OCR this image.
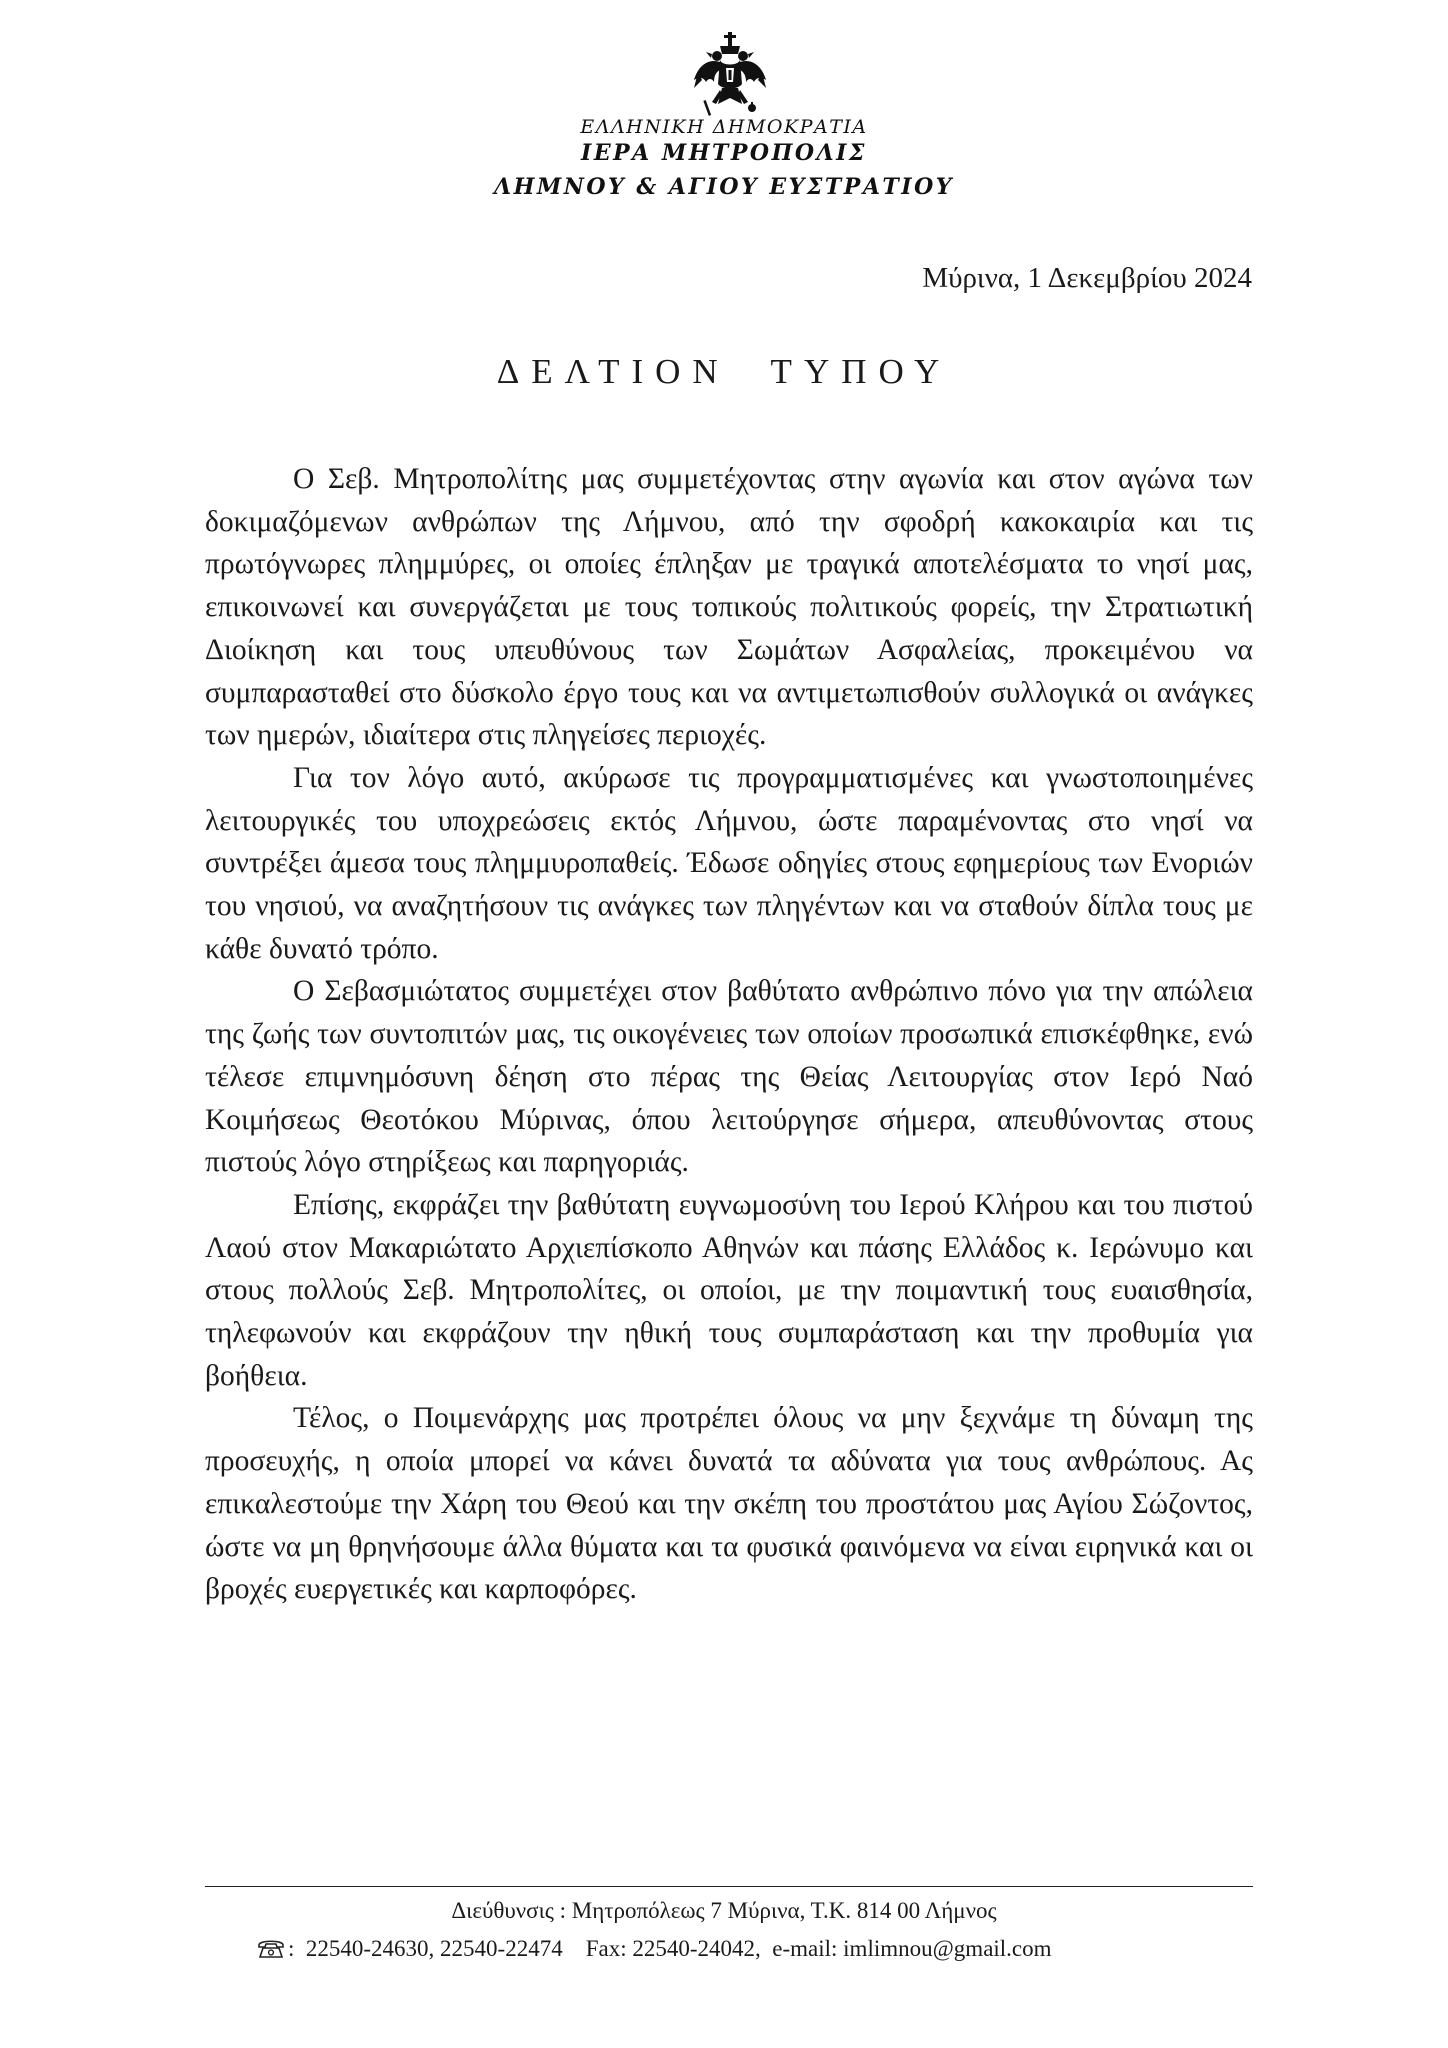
ΕΛΛΗΝΙΚΗ ΔΗΜΟΚΡΑΤΙΑ
ΙΕΡΑ ΜΗΤΡΟΠΟΛΙΣ
ΛΗΜΝΟΥ & ΑΓΙΟΥ ΕΥΣΤΡΑΤΙΟΥ
Μύρινα, 1 Δεκεμβρίου 2024
ΔΕΛΤΙΟΝ  ΤΥΠΟΥ

Ο Σεβ. Μητροπολίτης μας συμμετέχοντας στην αγωνία και στον αγώνα των δοκιμαζόμενων ανθρώπων της Λήμνου, από την σφοδρή κακοκαιρία και τις πρωτόγνωρες πλημμύρες, οι οποίες έπληξαν με τραγικά αποτελέσματα το νησί μας, επικοινωνεί και συνεργάζεται με τους τοπικούς πολιτικούς φορείς, την Στρατιωτική Διοίκηση και τους υπευθύνους των Σωμάτων Ασφαλείας, προκειμένου να συμπαρασταθεί στο δύσκολο έργο τους και να αντιμετωπισθούν συλλογικά οι ανάγκες των ημερών, ιδιαίτερα στις πληγείσες περιοχές.

Για τον λόγο αυτό, ακύρωσε τις προγραμματισμένες και γνωστοποιημένες λειτουργικές του υποχρεώσεις εκτός Λήμνου, ώστε παραμένοντας στο νησί να συντρέξει άμεσα τους πλημμυροπαθείς. Έδωσε οδηγίες στους εφημερίους των Ενοριών του νησιού, να αναζητήσουν τις ανάγκες των πληγέντων και να σταθούν δίπλα τους με κάθε δυνατό τρόπο.

Ο Σεβασμιώτατος συμμετέχει στον βαθύτατο ανθρώπινο πόνο για την απώλεια της ζωής των συντοπιτών μας, τις οικογένειες των οποίων προσωπικά επισκέφθηκε, ενώ τέλεσε επιμνημόσυνη δέηση στο πέρας της Θείας Λειτουργίας στον Ιερό Ναό Κοιμήσεως Θεοτόκου Μύρινας, όπου λειτούργησε σήμερα, απευθύνοντας στους πιστούς λόγο στηρίξεως και παρηγοριάς.

Επίσης, εκφράζει την βαθύτατη ευγνωμοσύνη του Ιερού Κλήρου και του πιστού Λαού στον Μακαριώτατο Αρχιεπίσκοπο Αθηνών και πάσης Ελλάδος κ. Ιερώνυμο και στους πολλούς Σεβ. Μητροπολίτες, οι οποίοι, με την ποιμαντική τους ευαισθησία, τηλεφωνούν και εκφράζουν την ηθική τους συμπαράσταση και την προθυμία για βοήθεια.

Τέλος, ο Ποιμενάρχης μας προτρέπει όλους να μην ξεχνάμε τη δύναμη της προσευχής, η οποία μπορεί να κάνει δυνατά τα αδύνατα για τους ανθρώπους. Ας επικαλεστούμε την Χάρη του Θεού και την σκέπη του προστάτου μας Αγίου Σώζοντος, ώστε να μη θρηνήσουμε άλλα θύματα και τα φυσικά φαινόμενα να είναι ειρηνικά και οι βροχές ευεργετικές και καρποφόρες.

Διεύθυνσις : Μητροπόλεως 7 Μύρινα, Τ.Κ. 814 00 Λήμνος
:  22540-24630, 22540-22474 Fax: 22540-24042, e-mail: imlimnou@gmail.com
